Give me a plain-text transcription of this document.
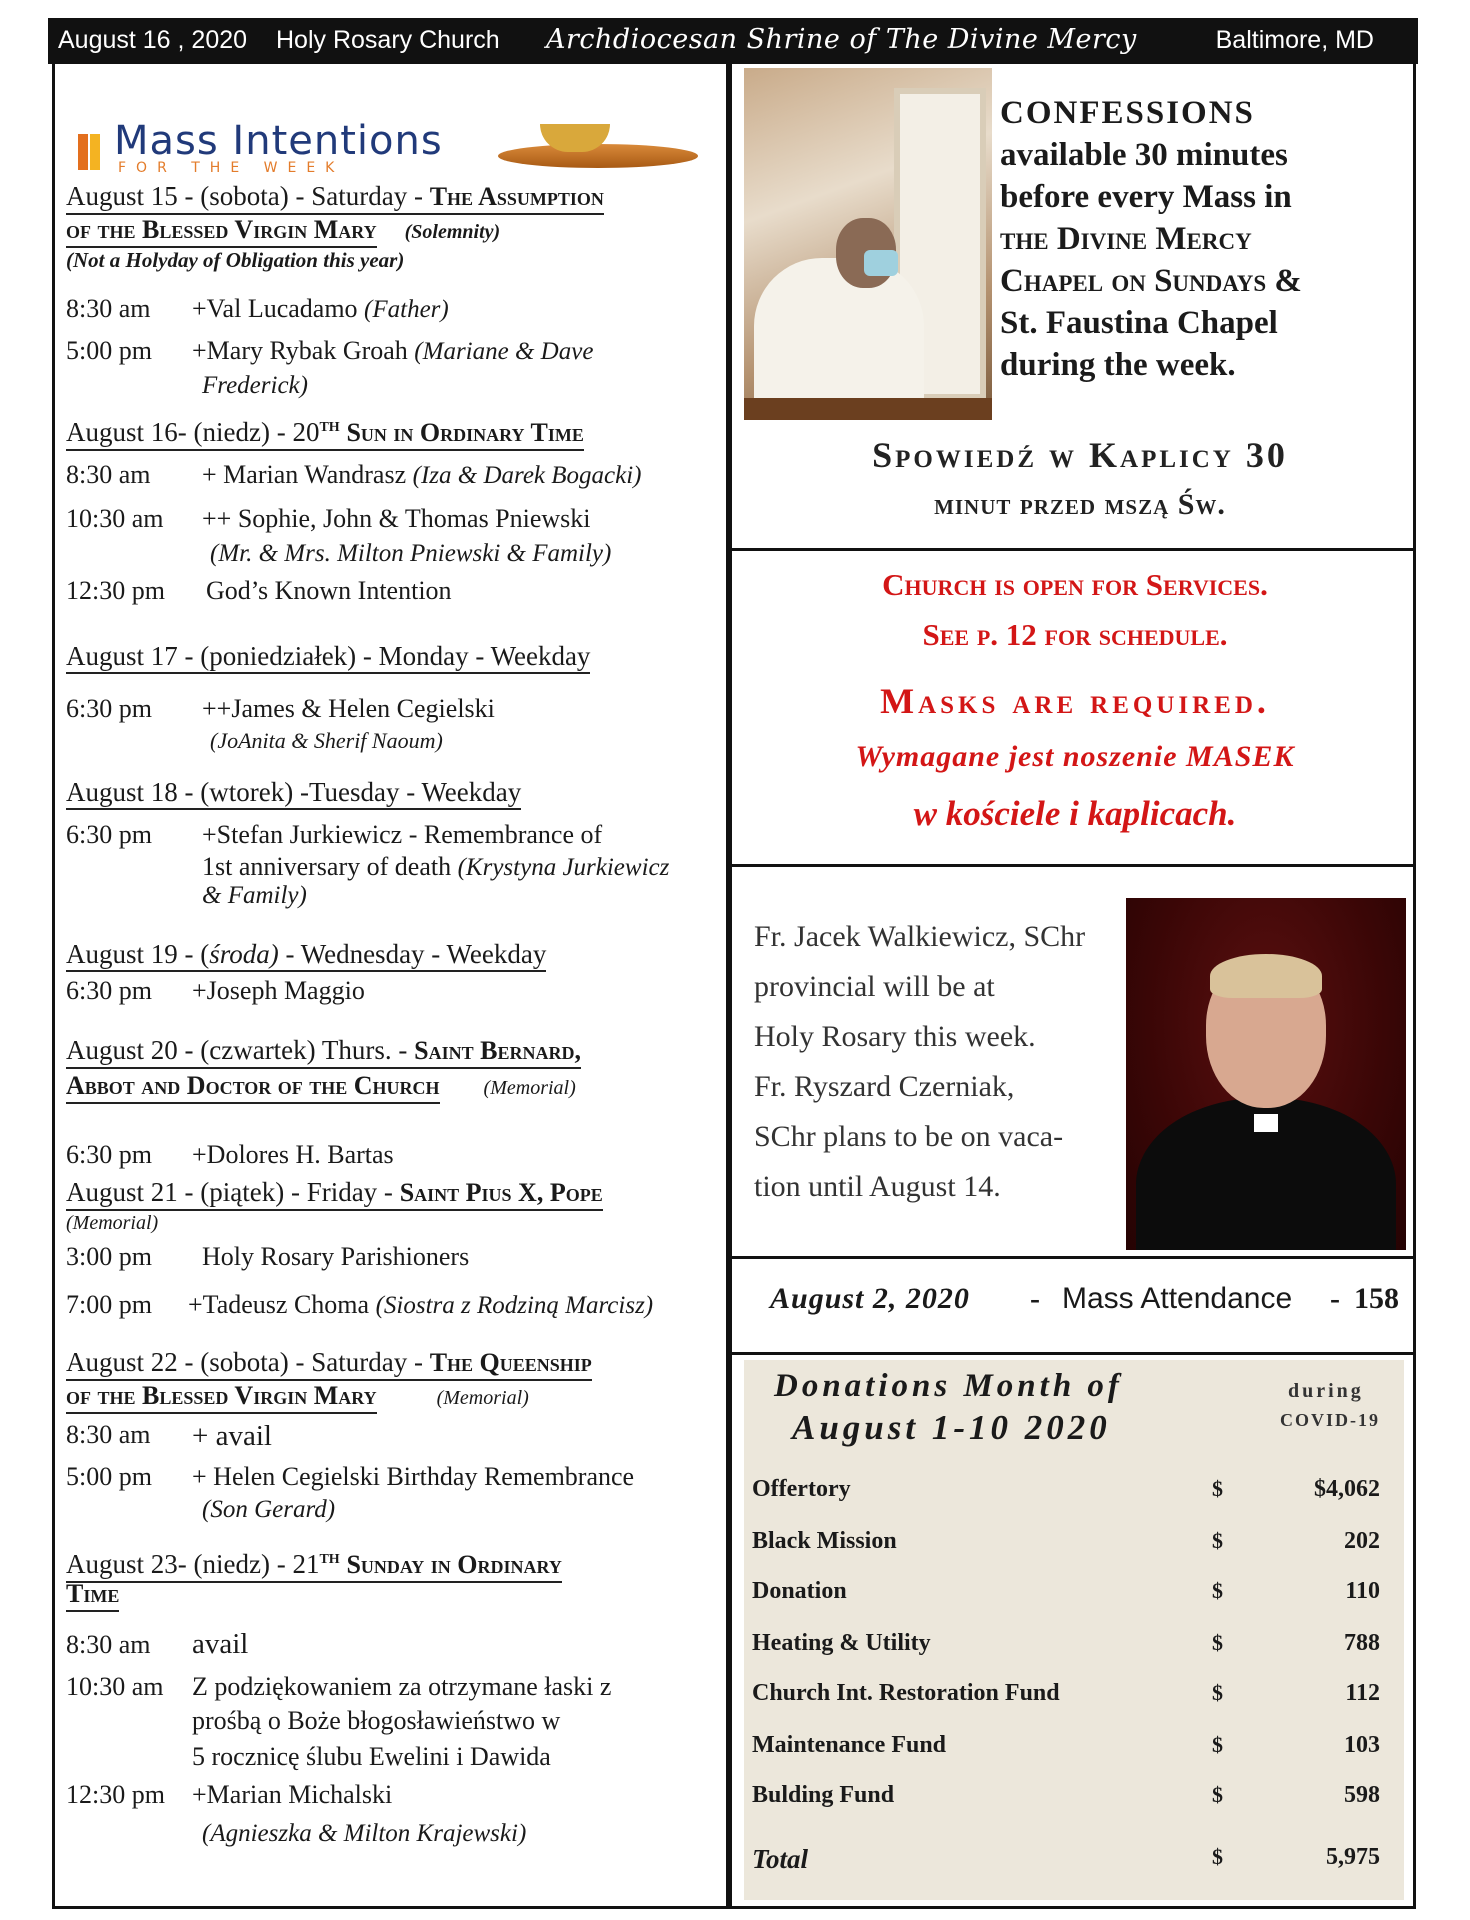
August 16 , 2020 Holy Rosary Church Archdiocesan Shrine of The Divine Mercy	Baltimore, MD
Mass Intentions
FOR THE WEEK
August 15 - (sobota) - Saturday - The Assumption
of the Blessed Virgin Mary (Solemnity)
(Not a Holyday of Obligation this year)
8:30 am +Val Lucadamo (Father)
5:00 pm +Mary Rybak Groah (Mariane & Dave
Frederick)
August 16- (niedz) - 20TH Sun in Ordinary Time
8:30 am + Marian Wandrasz (Iza & Darek Bogacki)
10:30 am ++ Sophie, John & Thomas Pniewski
(Mr. & Mrs. Milton Pniewski & Family)
12:30 pm God’s Known Intention
August 17 - (poniedziałek) - Monday - Weekday
6:30 pm ++James & Helen Cegielski
(JoAnita & Sherif Naoum)
August 18 - (wtorek) -Tuesday - Weekday
6:30 pm +Stefan Jurkiewicz - Remembrance of
1st anniversary of death (Krystyna Jurkiewicz
& Family)
August 19 - (środa) - Wednesday - Weekday
6:30 pm +Joseph Maggio
August 20 - (czwartek) Thurs. - Saint Bernard,
Abbot and Doctor of the Church (Memorial)
6:30 pm +Dolores H. Bartas
August 21 - (piątek) - Friday - Saint Pius X, Pope
(Memorial)
3:00 pm Holy Rosary Parishioners
7:00 pm +Tadeusz Choma (Siostra z Rodziną Marcisz)
August 22 - (sobota) - Saturday - The Queenship
of the Blessed Virgin Mary	(Memorial)
8:30 am + avail
5:00 pm + Helen Cegielski Birthday Remembrance
(Son Gerard)
August 23- (niedz) - 21TH Sunday in Ordinary
Time
8:30 am avail
10:30 am Z podziękowaniem za otrzymane łaski z
prośbą o Boże błogosławieństwo w
5 rocznicę ślubu Ewelini i Dawida
12:30 pm +Marian Michalski
(Agnieszka & Milton Krajewski)
CONFESSIONS
available 30 minutes
before every Mass in
the Divine Mercy
Chapel on Sundays &
St. Faustina Chapel
during the week.
Spowiedź w Kaplicy 30
minut przed mszą Św.
Church is open for Services.
See p. 12 for schedule.
Masks are required.
Wymagane jest noszenie MASEK
w kościele i kaplicach.
Fr. Jacek Walkiewicz, SChr
provincial will be at
Holy Rosary this week.
Fr. Ryszard Czerniak,
SChr plans to be on vaca-
tion until August 14.
August 2, 2020 - Mass Attendance - 158
Donations Month of
August 1-10 2020
during
COVID-19
Offertory	$	$4,062
Black Mission	$	202
Donation	$	110
Heating & Utility	$	788
Church Int. Restoration Fund	$	112
Maintenance Fund	$	103
Bulding Fund	$	598
Total	$	5,975
